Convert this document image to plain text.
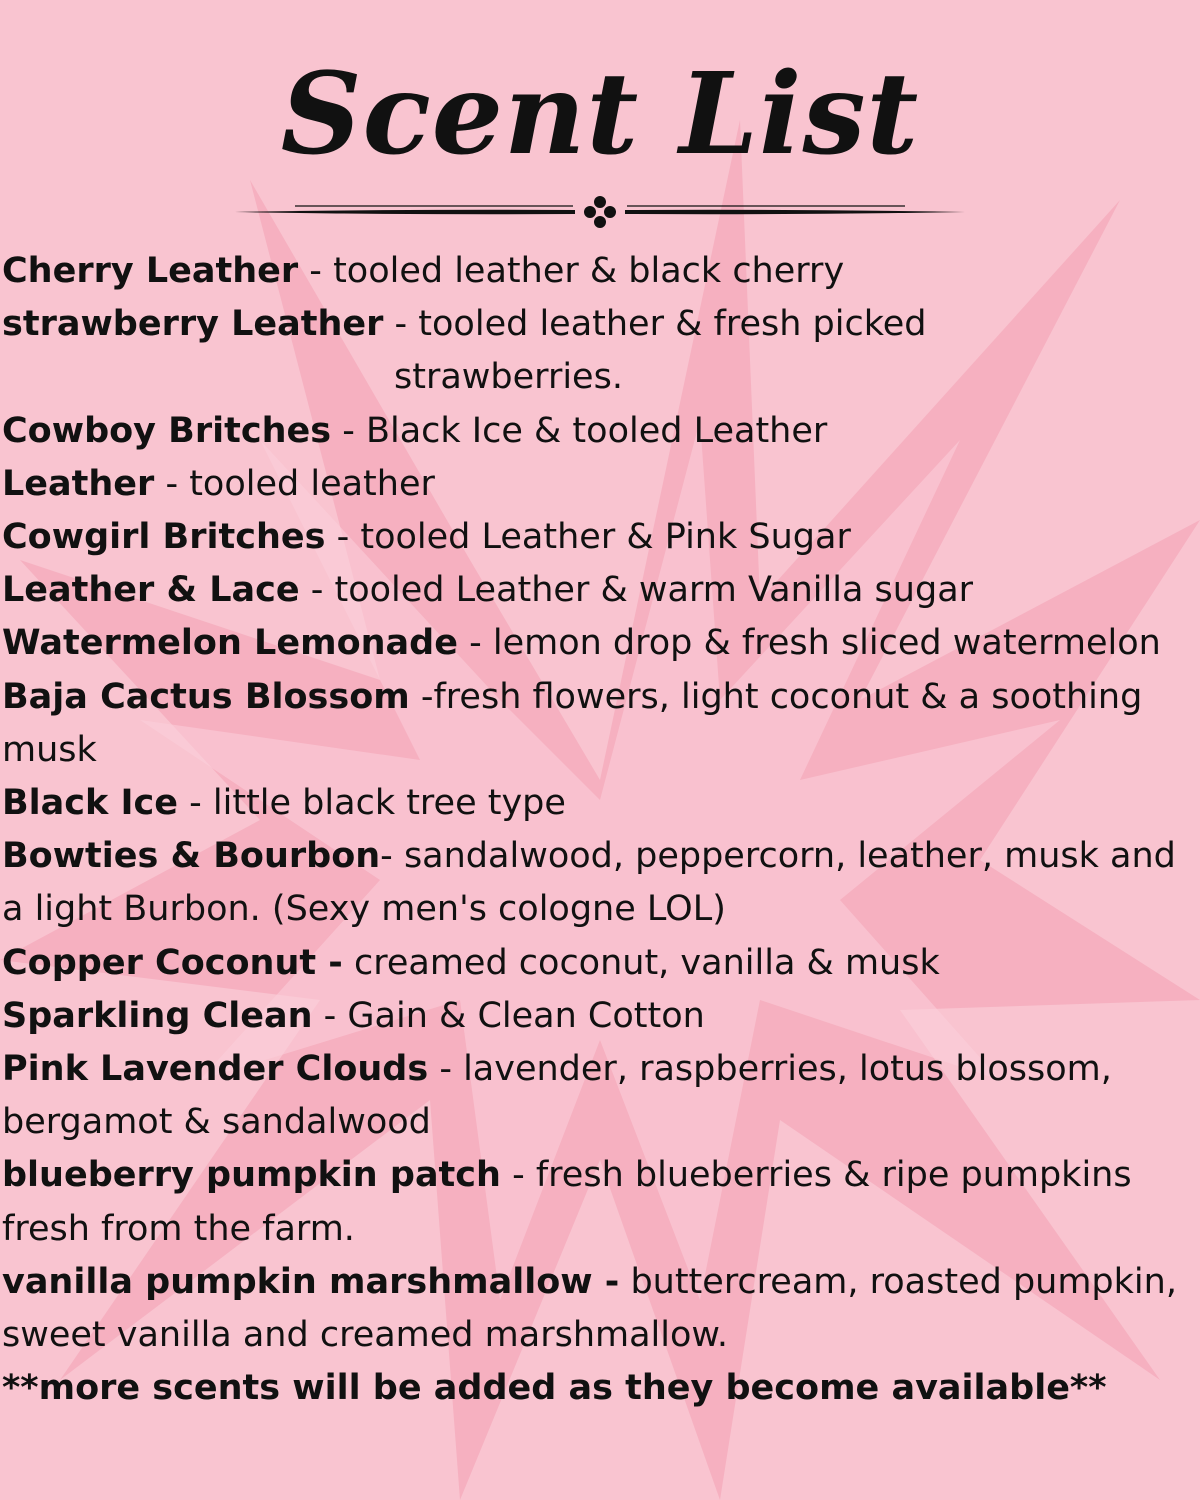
Scent List
Cherry Leather - tooled leather & black cherry
strawberry Leather - tooled leather & fresh picked
strawberries.
Cowboy Britches - Black Ice & tooled Leather
Leather - tooled leather
Cowgirl Britches - tooled Leather & Pink Sugar
Leather & Lace - tooled Leather & warm Vanilla sugar
Watermelon Lemonade - lemon drop & fresh sliced watermelon
Baja Cactus Blossom -fresh flowers, light coconut & a soothing musk
Black Ice - little black tree type
Bowties & Bourbon- sandalwood, peppercorn, leather, musk and a light Burbon. (Sexy men's cologne LOL)
Copper Coconut - creamed coconut, vanilla & musk
Sparkling Clean - Gain & Clean Cotton
Pink Lavender Clouds - lavender, raspberries, lotus blossom, bergamot & sandalwood
blueberry pumpkin patch - fresh blueberries & ripe pumpkins fresh from the farm.
vanilla pumpkin marshmallow - buttercream, roasted pumpkin, sweet vanilla and creamed marshmallow.
**more scents will be added as they become available**
